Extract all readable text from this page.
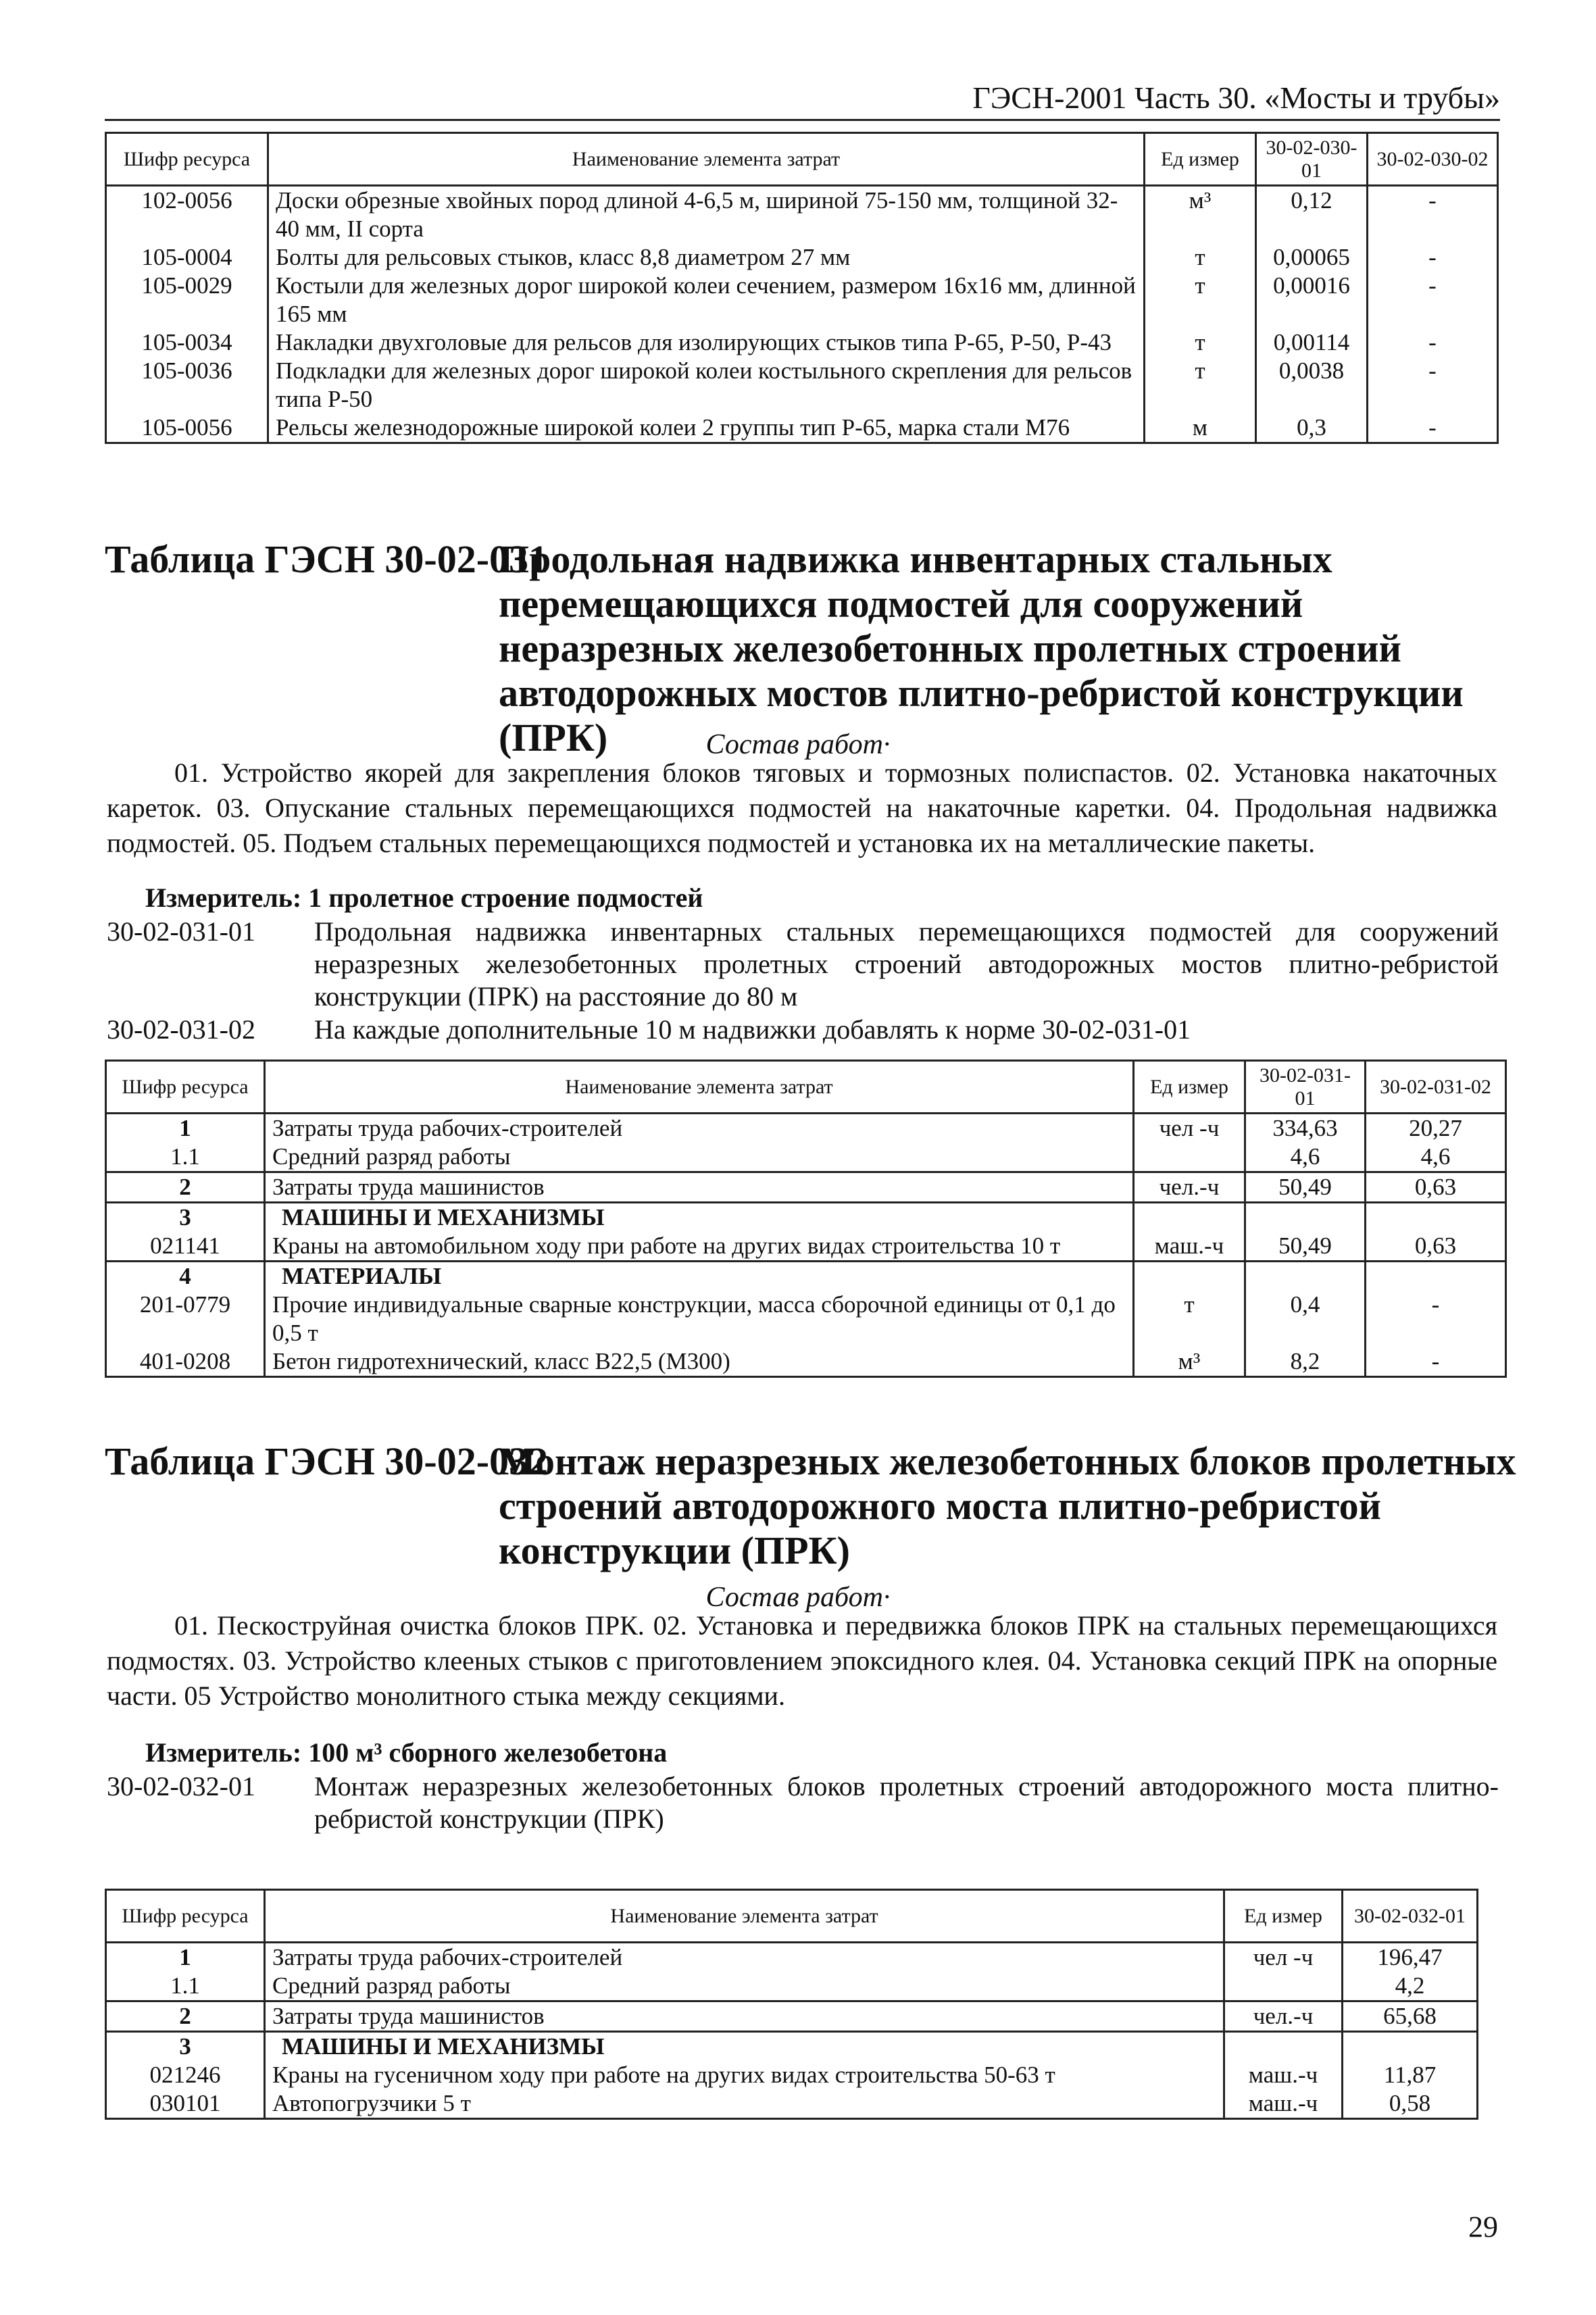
ГЭСН-2001 Часть 30. «Мосты и трубы»
Шифр ресурса	Наименование элемента затрат	Ед измер	30-02-030-01	30-02-030-02
102-0056	Доски обрезные хвойных пород длиной 4-6,5 м, шириной 75-150 мм, толщиной 32-40 мм, II сорта	м³	0,12	-
105-0004	Болты для рельсовых стыков, класс 8,8 диаметром 27 мм	т	0,00065	-
105-0029	Костыли для железных дорог широкой колеи сечением, размером 16х16 мм, длинной 165 мм	т	0,00016	-
105-0034	Накладки двухголовые для рельсов для изолирующих стыков типа Р-65, Р-50, Р-43	т	0,00114	-
105-0036	Подкладки для железных дорог широкой колеи костыльного скрепления для рельсов типа Р-50	т	0,0038	-
105-0056	Рельсы железнодорожные широкой колеи 2 группы тип Р-65, марка стали М76	м	0,3	-
Таблица ГЭСН 30-02-031
Продольная надвижка инвентарных стальных перемещающихся подмостей для сооружений неразрезных железобетонных пролетных строений автодорожных мостов плитно-ребристой конструкции (ПРК)	Состав работ·
01. Устройство якорей для закрепления блоков тяговых и тормозных полиспастов. 02. Установка накаточных кареток. 03. Опускание стальных перемещающихся подмостей на накаточные каретки. 04. Продольная надвижка подмостей. 05. Подъем стальных перемещающихся подмостей и установка их на металлические пакеты.
Измеритель: 1 пролетное строение подмостей
30-02-031-01 Продольная надвижка инвентарных стальных перемещающихся подмостей для сооружений неразрезных железобетонных пролетных строений автодорожных мостов плитно-ребристой конструкции (ПРК) на расстояние до 80 м
30-02-031-02 На каждые дополнительные 10 м надвижки добавлять к норме 30-02-031-01
Шифр ресурса	Наименование элемента затрат	Ед измер	30-02-031-01	30-02-031-02
1	Затраты труда рабочих-строителей	чел -ч	334,63	20,27
1.1	Средний разряд работы		4,6	4,6
2	Затраты труда машинистов	чел.-ч	50,49	0,63
3	МАШИНЫ И МЕХАНИЗМЫ			
021141	Краны на автомобильном ходу при работе на других видах строительства 10 т	маш.-ч	50,49	0,63
4	МАТЕРИАЛЫ			
201-0779	Прочие индивидуальные сварные конструкции, масса сборочной единицы от 0,1 до 0,5 т	т	0,4	-
401-0208	Бетон гидротехнический, класс В22,5 (М300)	м³	8,2	-
Таблица ГЭСН 30-02-032
Монтаж неразрезных железобетонных блоков пролетных строений автодорожного моста плитно-ребристой конструкции (ПРК)
Состав работ·
01. Пескоструйная очистка блоков ПРК. 02. Установка и передвижка блоков ПРК на стальных перемещающихся подмостях. 03. Устройство клееных стыков с приготовлением эпоксидного клея. 04. Установка секций ПРК на опорные части. 05 Устройство монолитного стыка между секциями.
Измеритель: 100 м³ сборного железобетона
30-02-032-01 Монтаж неразрезных железобетонных блоков пролетных строений автодорожного моста плитно-ребристой конструкции (ПРК)
Шифр ресурса	Наименование элемента затрат	Ед измер	30-02-032-01
1	Затраты труда рабочих-строителей	чел -ч	196,47
1.1	Средний разряд работы		4,2
2	Затраты труда машинистов	чел.-ч	65,68
3	МАШИНЫ И МЕХАНИЗМЫ		
021246	Краны на гусеничном ходу при работе на других видах строительства 50-63 т	маш.-ч	11,87
030101	Автопогрузчики 5 т	маш.-ч	0,58
29
